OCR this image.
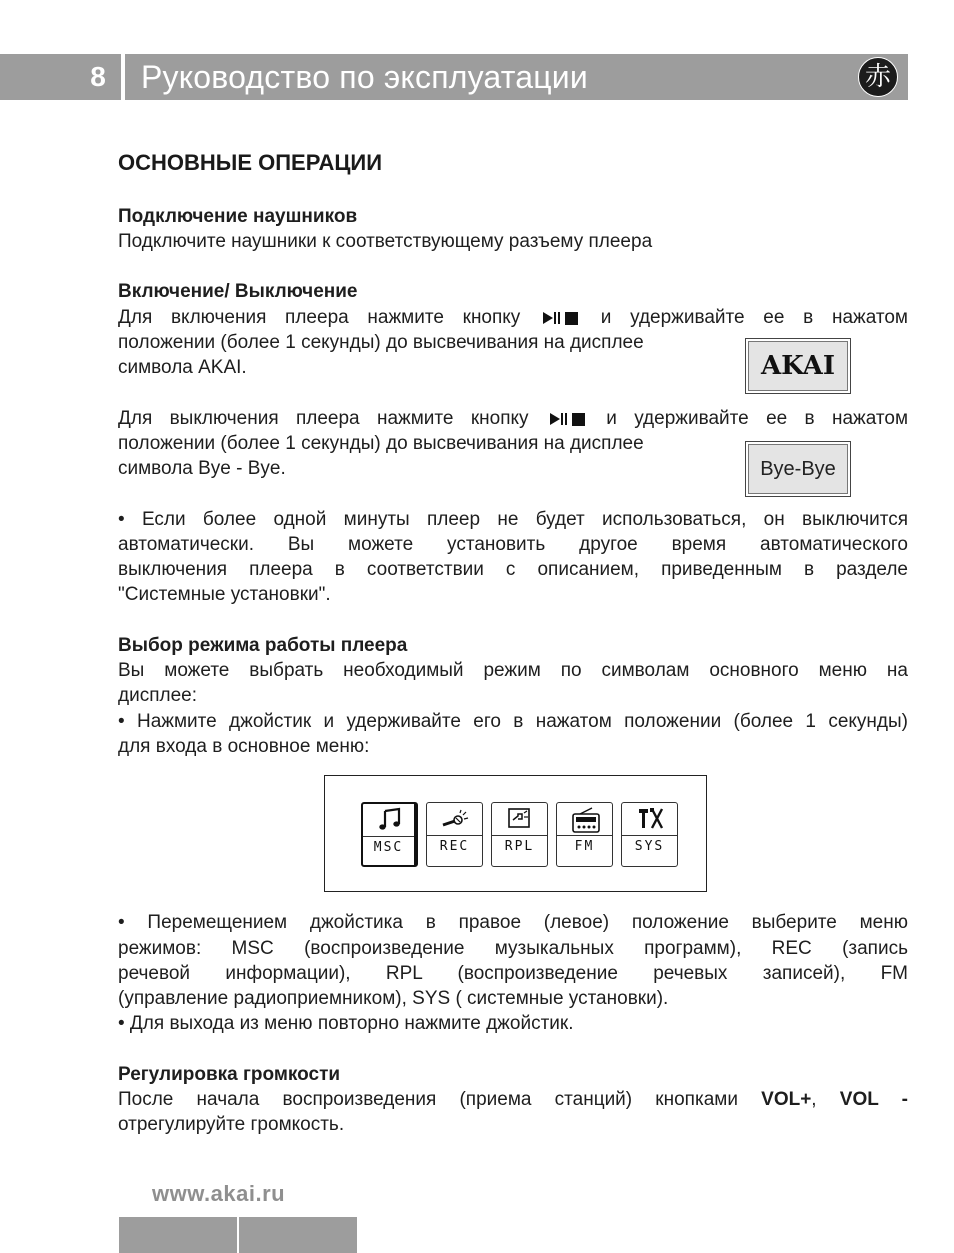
8	Руководство по эксплуатации	赤
ОСНОВНЫЕ ОПЕРАЦИИ

Подключение наушников

Подключите наушники к соответствующему разъему плеера

Включение/ Выключение

Для включения плеера нажмите кнопку	и удерживайте ее в нажатом

положении (более 1 секунды) до высвечивания на дисплее

символа AKAI.

Для выключения плеера нажмите кнопку	и удерживайте ее в нажатом

положении (более 1 секунды) до высвечивания на дисплее

символа Bye - Bye.

• Если более одной минуты плеер не будет использоваться, он выключится

автоматически. Вы можете установить другое время автоматического

выключения плеера в соответствии с описанием, приведенным в разделе

"Системные установки".

Выбор режима работы плеера

Вы можете выбрать необходимый режим по символам основного меню на

дисплее:

• Нажмите джойстик и удерживайте его в нажатом положении (более 1 секунды)

для входа в основное меню:

• Перемещением джойстика в правое (левое) положение выберите меню

режимов: MSC (воспроизведение музыкальных программ), REC (запись

речевой информации), RPL (воспроизведение речевых записей), FM

(управление радиоприемником), SYS ( системные установки).

• Для выхода из меню повторно нажмите джойстик.

Регулировка громкости

После начала воспроизведения (приема станций) кнопками VOL+, VOL -

отрегулируйте громкость.

AKAI
Bye-Bye
MSC	REC	RPL	FM	SYS
www.akai.ru
